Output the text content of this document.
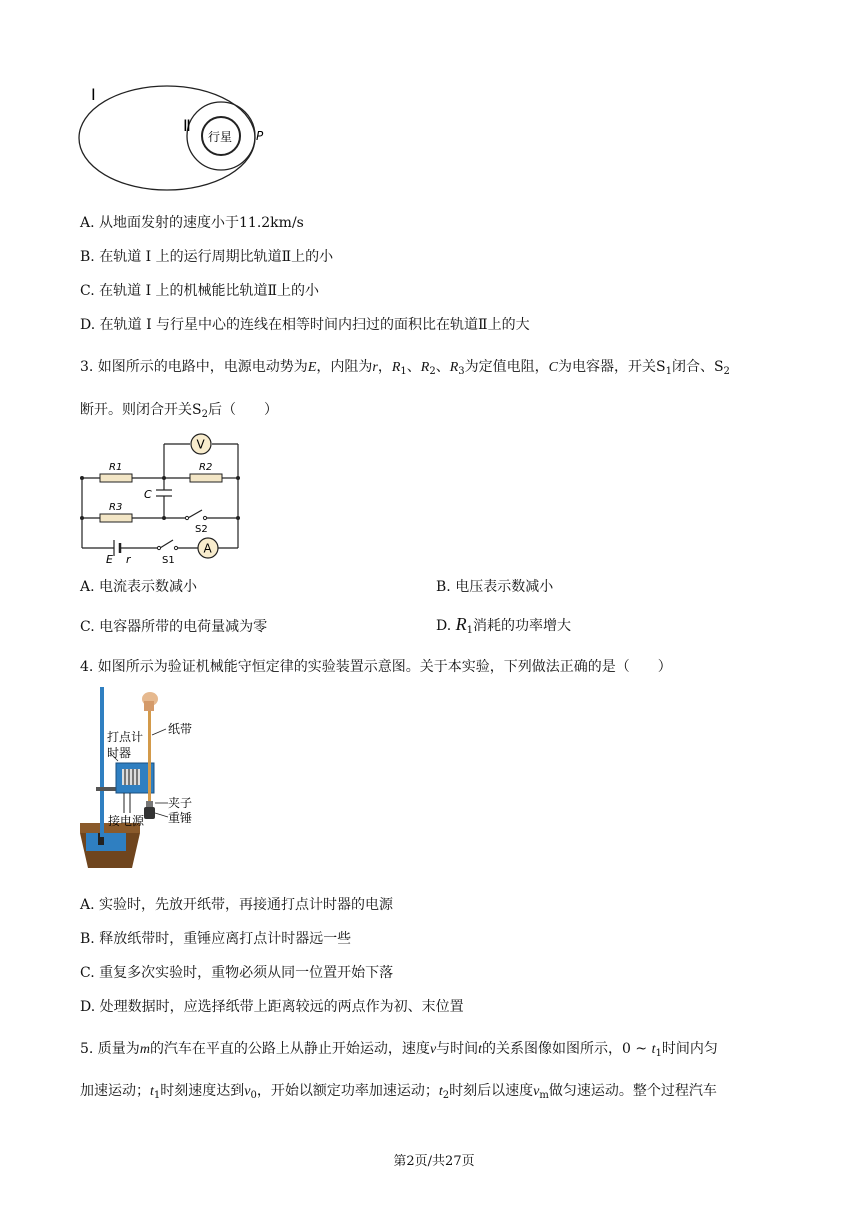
I
Ⅱ
行星 P
A. 从地面发射的速度小于11.2km/s
B. 在轨道 I 上的运行周期比轨道Ⅱ上的小
C. 在轨道 I 上的机械能比轨道Ⅱ上的小
D. 在轨道 I 与行星中心的连线在相等时间内扫过的面积比在轨道Ⅱ上的大
3. 如图所示的电路中，电源电动势为E，内阻为r，$R_1$、$R_2$、$R_3$为定值电阻，C为电容器，开关$S_1$闭合、$S_2$
断开。则闭合开关$S_2$后（　　）
V
A
R1	R2
R3
C
S2
S1
E r
A. 电流表示数减小	B. 电压表示数减小
C. 电容器所带的电荷量减为零	D. $R_1$消耗的功率增大
4. 如图所示为验证机械能守恒定律的实验装置示意图。关于本实验，下列做法正确的是（　　）
纸带
打点计
时器
夹子
重锤
接电源
A. 实验时，先放开纸带，再接通打点计时器的电源
B. 释放纸带时，重锤应离打点计时器远一些
C. 重复多次实验时，重物必须从同一位置开始下落
D. 处理数据时，应选择纸带上距离较远的两点作为初、末位置
5. 质量为m的汽车在平直的公路上从静止开始运动，速度v与时间t的关系图像如图所示，0 ~ $t_1$时间内匀
加速运动；$t_1$时刻速度达到$v_0$，开始以额定功率加速运动；$t_2$时刻后以速度$v_m$做匀速运动。整个过程汽车
第2页/共27页
